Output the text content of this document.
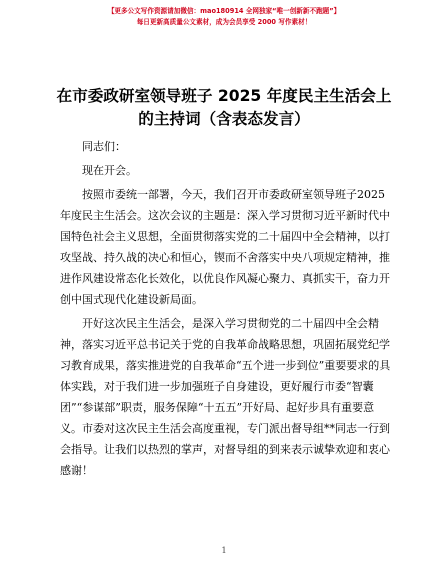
【更多公文写作资源请加微信：mao180914 全网独家“唯一创新新不跑题”】
每日更新高质量公文素材，成为会员享受 2000 写作素材！
在市委政研室领导班子 2025 年度民主生活会上
的主持词（含表态发言）

同志们：

现在开会。

按照市委统一部署，今天，我们召开市委政研室领导班子2025年度民主生活会。这次会议的主题是：深入学习贯彻习近平新时代中国特色社会主义思想，全面贯彻落实党的二十届四中全会精神，以打攻坚战、持久战的决心和恒心，锲而不舍落实中央八项规定精神，推进作风建设常态化长效化，以优良作风凝心聚力、真抓实干，奋力开创中国式现代化建设新局面。

开好这次民主生活会，是深入学习贯彻党的二十届四中全会精神，落实习近平总书记关于党的自我革命战略思想，巩固拓展党纪学习教育成果，落实推进党的自我革命“五个进一步到位”重要要求的具体实践，对于我们进一步加强班子自身建设，更好履行市委“智囊团”“参谋部”职责，服务保障“十五五”开好局、起好步具有重要意义。市委对这次民主生活会高度重视，专门派出督导组**同志一行到会指导。让我们以热烈的掌声，对督导组的到来表示诚挚欢迎和衷心感谢！

1
